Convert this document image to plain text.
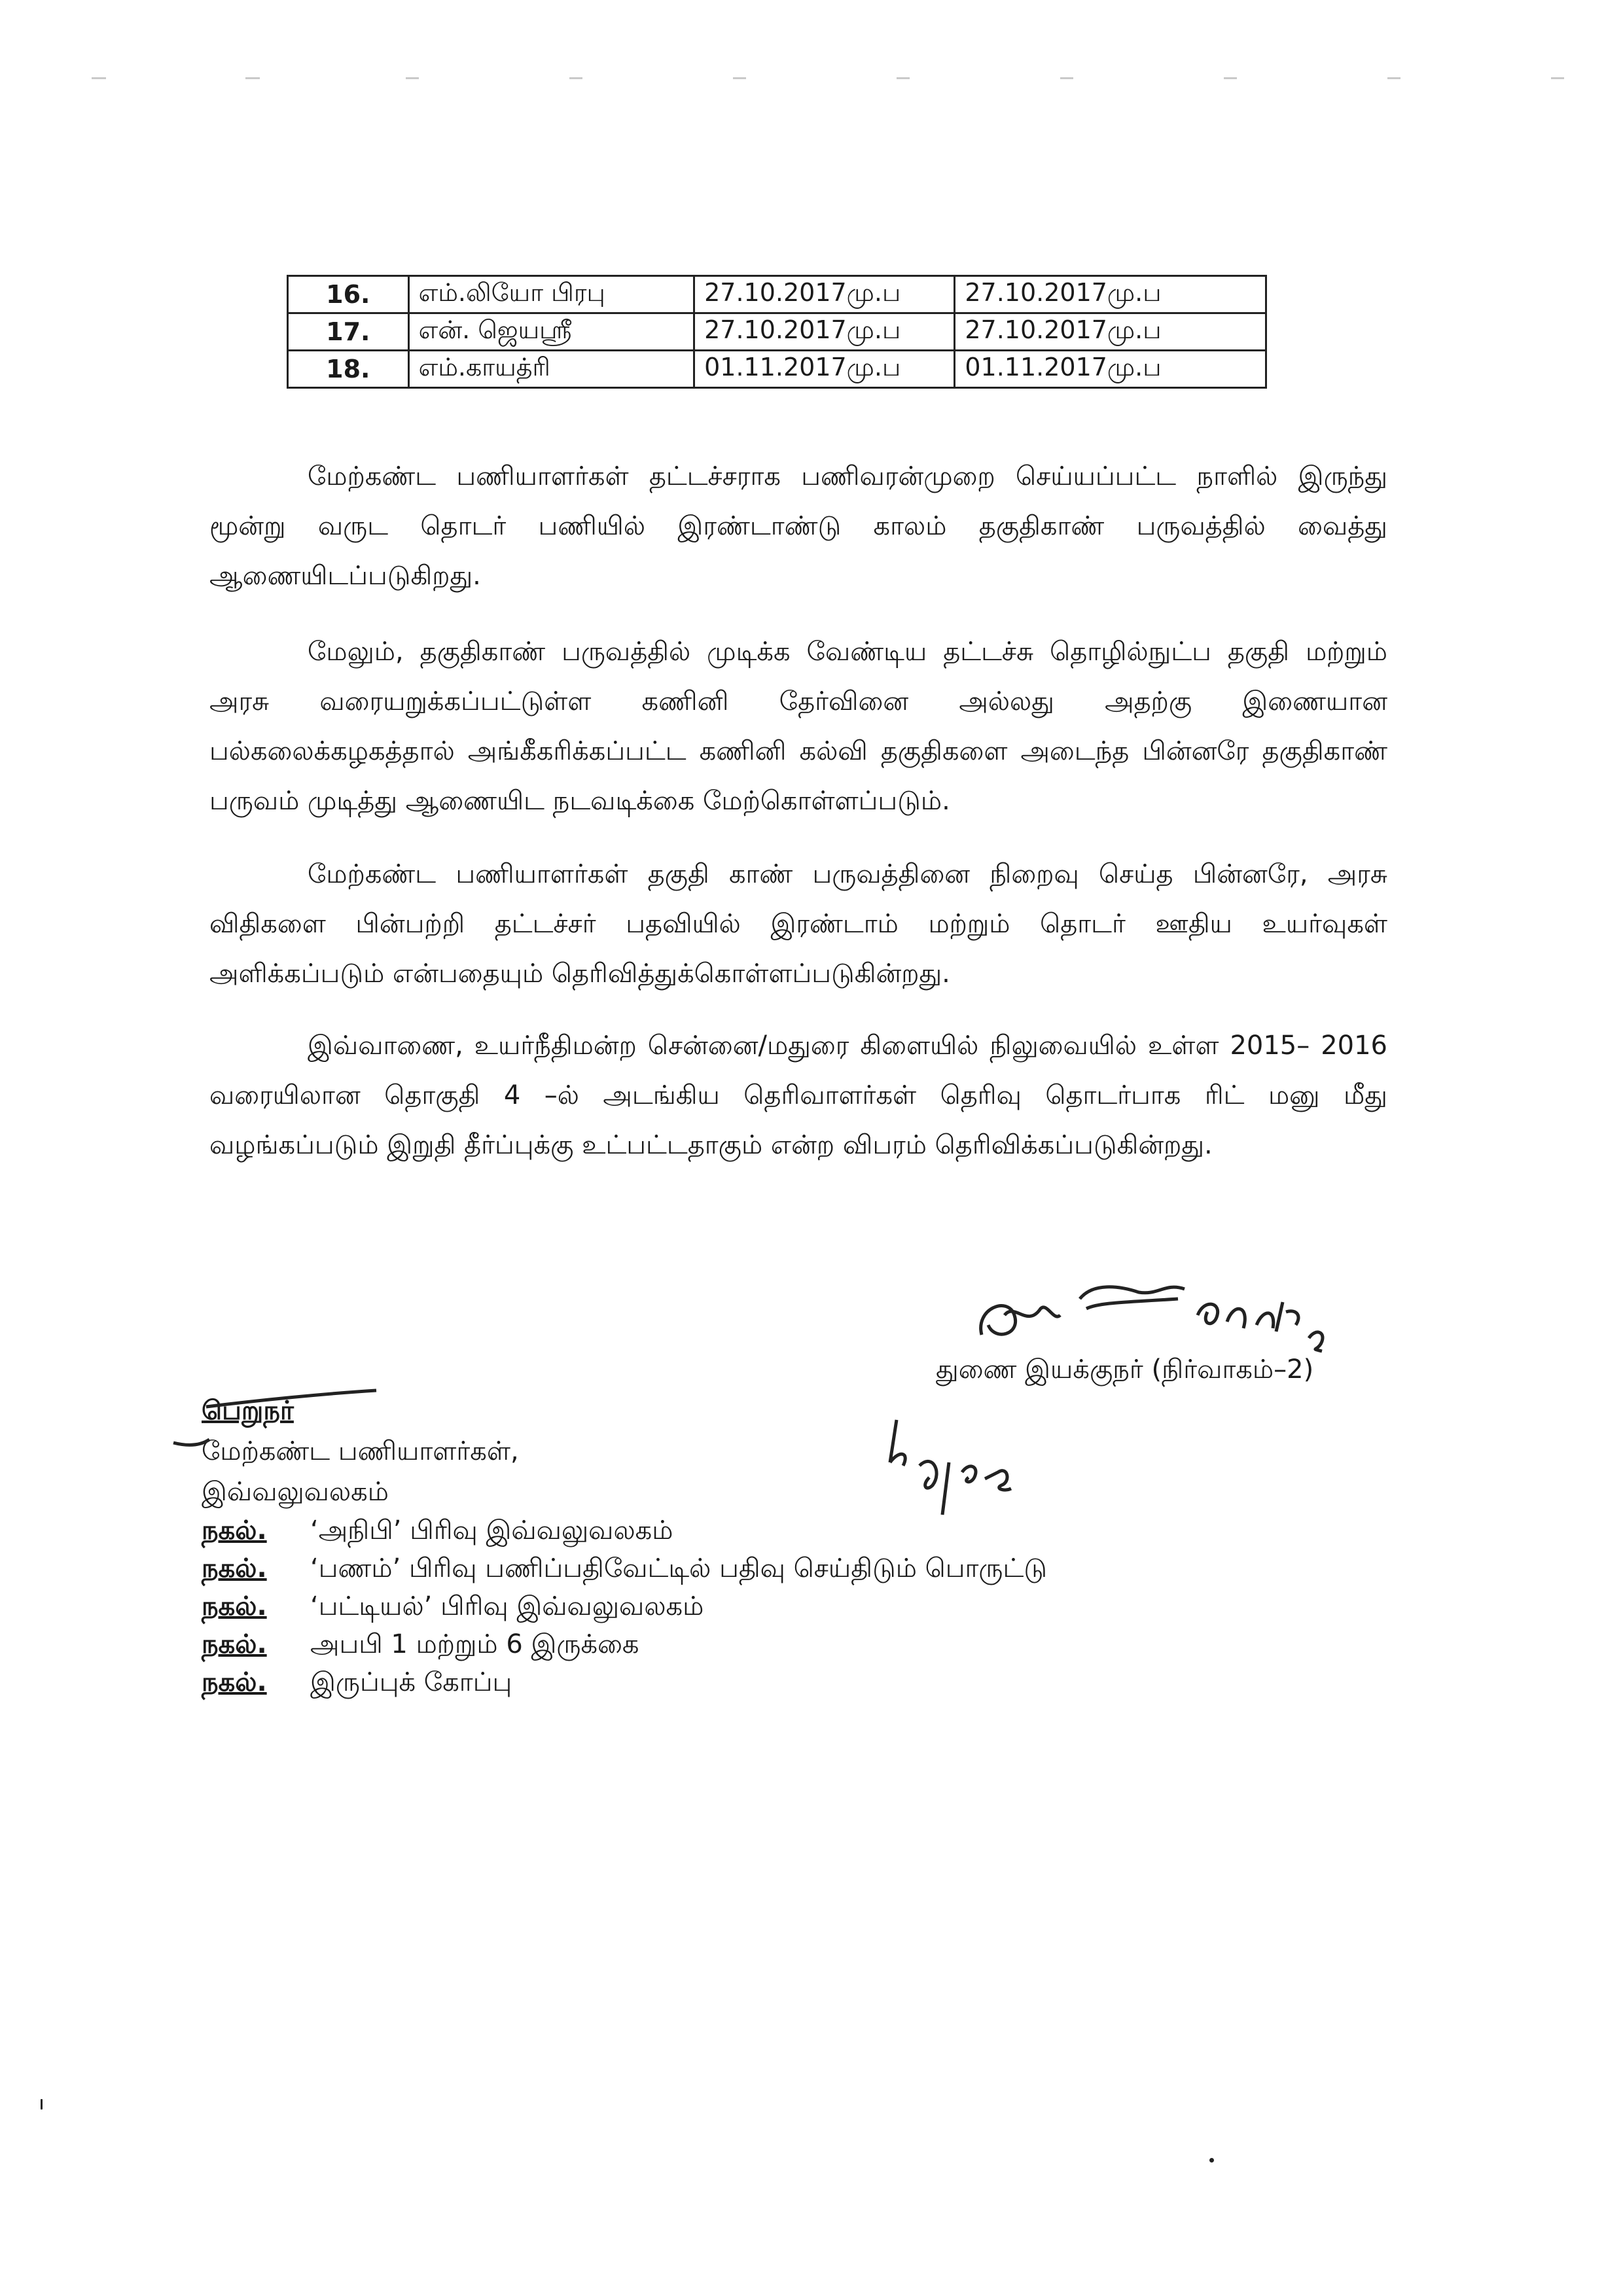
16.	எம்.லியோ பிரபு	27.10.2017மு.ப	27.10.2017மு.ப
17.	என். ஜெயஸ்ரீ	27.10.2017மு.ப	27.10.2017மு.ப
18.	எம்.காயத்ரி	01.11.2017மு.ப	01.11.2017மு.ப

மேற்கண்ட பணியாளர்கள் தட்டச்சராக பணிவரன்முறை செய்யப்பட்ட நாளில் இருந்து மூன்று வருட தொடர் பணியில் இரண்டாண்டு காலம் தகுதிகாண் பருவத்தில் வைத்து ஆணையிடப்படுகிறது.

மேலும், தகுதிகாண் பருவத்தில் முடிக்க வேண்டிய தட்டச்சு தொழில்நுட்ப தகுதி மற்றும் அரசு வரையறுக்கப்பட்டுள்ள கணினி தேர்வினை அல்லது அதற்கு இணையான பல்கலைக்கழகத்தால் அங்கீகரிக்கப்பட்ட கணினி கல்வி தகுதிகளை அடைந்த பின்னரே தகுதிகாண் பருவம் முடித்து ஆணையிட நடவடிக்கை மேற்கொள்ளப்படும்.

மேற்கண்ட பணியாளர்கள் தகுதி காண் பருவத்தினை நிறைவு செய்த பின்னரே, அரசு விதிகளை பின்பற்றி தட்டச்சர் பதவியில் இரண்டாம் மற்றும் தொடர் ஊதிய உயர்வுகள் அளிக்கப்படும் என்பதையும் தெரிவித்துக்கொள்ளப்படுகின்றது.

இவ்வாணை, உயர்நீதிமன்ற சென்னை/மதுரை கிளையில் நிலுவையில் உள்ள 2015– 2016 வரையிலான தொகுதி 4 –ல் அடங்கிய தெரிவாளர்கள் தெரிவு தொடர்பாக ரிட் மனு மீது வழங்கப்படும் இறுதி தீர்ப்புக்கு உட்பட்டதாகும் என்ற விபரம் தெரிவிக்கப்படுகின்றது.

துணை இயக்குநர் (நிர்வாகம்–2)
பெறுநர்
மேற்கண்ட பணியாளர்கள்,
இவ்வலுவலகம்
நகல்.	‘அநிபி’ பிரிவு இவ்வலுவலகம்
நகல்.	‘பணம்’ பிரிவு பணிப்பதிவேட்டில் பதிவு செய்திடும் பொருட்டு
நகல்.	‘பட்டியல்’ பிரிவு இவ்வலுவலகம்
நகல்.	அபபி 1 மற்றும் 6 இருக்கை
நகல்.	இருப்புக் கோப்பு
